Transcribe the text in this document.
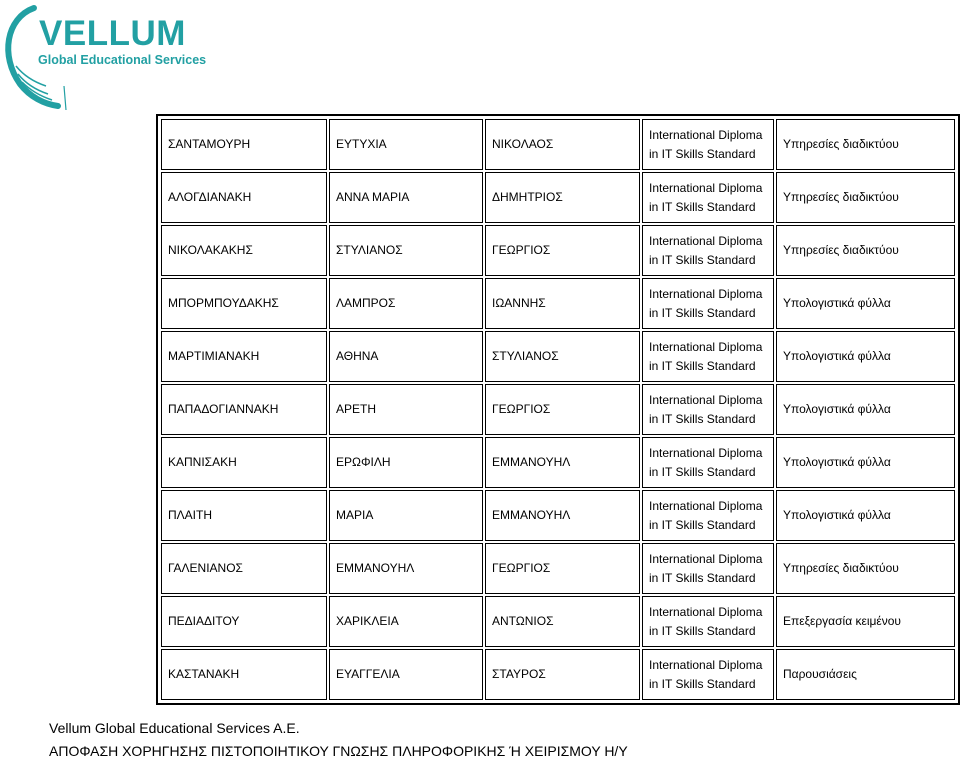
VELLUM
Global Educational Services
ΣΑΝΤΑΜΟΥΡΗ	ΕΥΤΥΧΙΑ	ΝΙΚΟΛΑΟΣ	International Diploma in IT Skills Standard	Υπηρεσίες διαδικτύου
ΑΛΟΓΔΙΑΝΑΚΗ	ΑΝΝΑ ΜΑΡΙΑ	ΔΗΜΗΤΡΙΟΣ	International Diploma in IT Skills Standard	Υπηρεσίες διαδικτύου
ΝΙΚΟΛΑΚΑΚΗΣ	ΣΤΥΛΙΑΝΟΣ	ΓΕΩΡΓΙΟΣ	International Diploma in IT Skills Standard	Υπηρεσίες διαδικτύου
ΜΠΟΡΜΠΟΥΔΑΚΗΣ	ΛΑΜΠΡΟΣ	ΙΩΑΝΝΗΣ	International Diploma in IT Skills Standard	Υπολογιστικά φύλλα
ΜΑΡΤΙΜΙΑΝΑΚΗ	ΑΘΗΝΑ	ΣΤΥΛΙΑΝΟΣ	International Diploma in IT Skills Standard	Υπολογιστικά φύλλα
ΠΑΠΑΔΟΓΙΑΝΝΑΚΗ	ΑΡΕΤΗ	ΓΕΩΡΓΙΟΣ	International Diploma in IT Skills Standard	Υπολογιστικά φύλλα
ΚΑΠΝΙΣΑΚΗ	ΕΡΩΦΙΛΗ	ΕΜΜΑΝΟΥΗΛ	International Diploma in IT Skills Standard	Υπολογιστικά φύλλα
ΠΛΑΙΤΗ	ΜΑΡΙΑ	ΕΜΜΑΝΟΥΗΛ	International Diploma in IT Skills Standard	Υπολογιστικά φύλλα
ΓΑΛΕΝΙΑΝΟΣ	ΕΜΜΑΝΟΥΗΛ	ΓΕΩΡΓΙΟΣ	International Diploma in IT Skills Standard	Υπηρεσίες διαδικτύου
ΠΕΔΙΑΔΙΤΟΥ	ΧΑΡΙΚΛΕΙΑ	ΑΝΤΩΝΙΟΣ	International Diploma in IT Skills Standard	Επεξεργασία κειμένου
ΚΑΣΤΑΝΑΚΗ	ΕΥΑΓΓΕΛΙΑ	ΣΤΑΥΡΟΣ	International Diploma in IT Skills Standard	Παρουσιάσεις
Vellum Global Educational Services A.E.
ΑΠΟΦΑΣΗ ΧΟΡΗΓΗΣΗΣ ΠΙΣΤΟΠΟΙΗΤΙΚΟΥ ΓΝΩΣΗΣ ΠΛΗΡΟΦΟΡΙΚΗΣ Ή ΧΕΙΡΙΣΜΟΥ Η/Υ
